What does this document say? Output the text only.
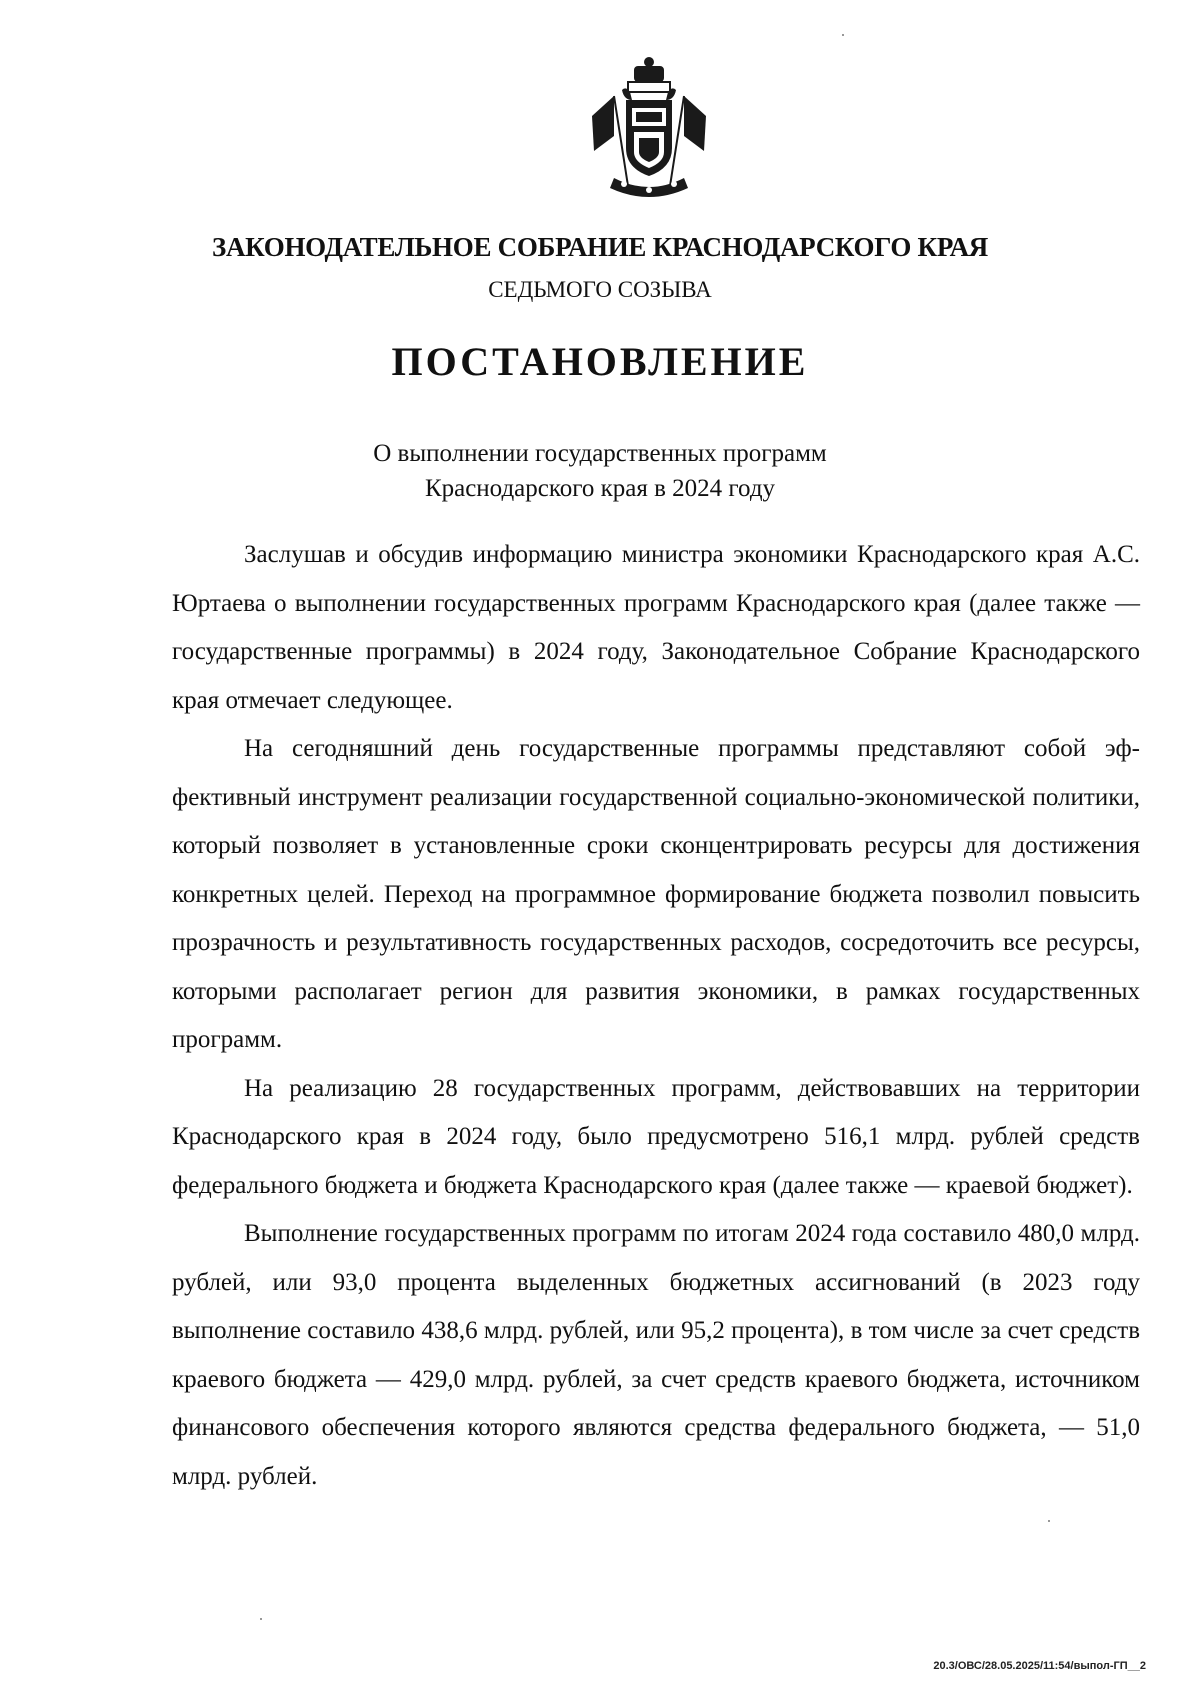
ЗАКОНОДАТЕЛЬНОЕ СОБРАНИЕ КРАСНОДАРСКОГО КРАЯ
СЕДЬМОГО СОЗЫВА
ПОСТАНОВЛЕНИЕ
О выполнении государственных программ
Краснодарского края в 2024 году

Заслушав и обсудив информацию министра экономики Краснодарского края А.С. Юртаева о выполнении государственных программ Краснодарского края (далее также — государственные программы) в 2024 году, Законодательное Собрание Краснодарского края отмечает следующее.

На сегодняшний день государственные программы представляют собой эффективный инструмент реализации государственной социально-экономической политики, который позволяет в установленные сроки сконцентрировать ресурсы для достижения конкретных целей. Переход на программное формирование бюджета позволил повысить прозрачность и результативность государственных расходов, сосредоточить все ресурсы, которыми располагает регион для развития экономики, в рамках государственных программ.

На реализацию 28 государственных программ, действовавших на территории Краснодарского края в 2024 году, было предусмотрено 516,1 млрд. рублей средств федерального бюджета и бюджета Краснодарского края (далее также — краевой бюджет).

Выполнение государственных программ по итогам 2024 года составило 480,0 млрд. рублей, или 93,0 процента выделенных бюджетных ассигнований (в 2023 году выполнение составило 438,6 млрд. рублей, или 95,2 процента), в том числе за счет средств краевого бюджета — 429,0 млрд. рублей, за счет средств краевого бюджета, источником финансового обеспечения которого являются средства федерального бюджета, — 51,0 млрд. рублей.

20.3/ОВС/28.05.2025/11:54/выпол-ГП__2
